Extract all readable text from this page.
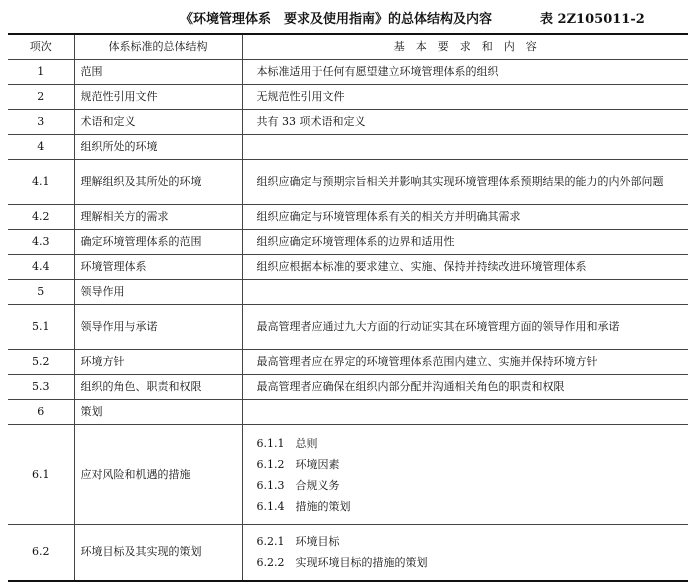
《环境管理体系　要求及使用指南》的总体结构及内容	表 2Z105011-2
项次	体系标准的总体结构	基　本　要　求　和　内　容
1	范围	本标准适用于任何有愿望建立环境管理体系的组织
2	规范性引用文件	无规范性引用文件
3	术语和定义	共有 33 项术语和定义
4	组织所处的环境	
4.1	理解组织及其所处的环境	组织应确定与预期宗旨相关并影响其实现环境管理体系预期结果的能力的内外部问题
4.2	理解相关方的需求	组织应确定与环境管理体系有关的相关方并明确其需求
4.3	确定环境管理体系的范围	组织应确定环境管理体系的边界和适用性
4.4	环境管理体系	组织应根据本标准的要求建立、实施、保持并持续改进环境管理体系
5	领导作用	
5.1	领导作用与承诺	最高管理者应通过九大方面的行动证实其在环境管理方面的领导作用和承诺
5.2	环境方针	最高管理者应在界定的环境管理体系范围内建立、实施并保持环境方针
5.3	组织的角色、职责和权限	最高管理者应确保在组织内部分配并沟通相关角色的职责和权限
6	策划	
6.1	应对风险和机遇的措施	6.1.1　总则
6.1.2　环境因素
6.1.3　合规义务
6.1.4　措施的策划

6.2	环境目标及其实现的策划	6.2.1　环境目标
6.2.2　实现环境目标的措施的策划
